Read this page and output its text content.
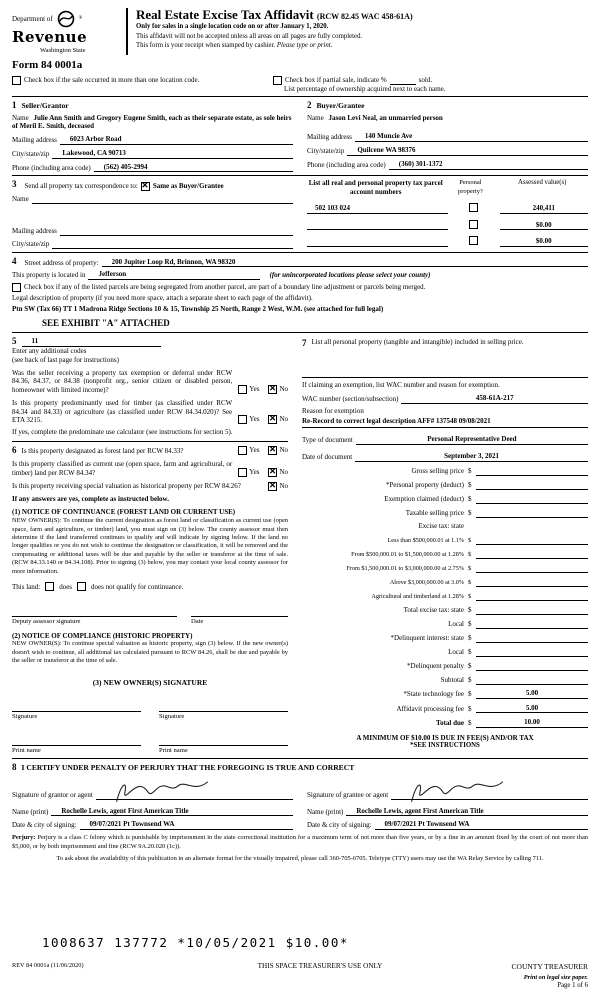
Department of	®
Revenue
Washington State
Real Estate Excise Tax Affidavit (RCW 82.45 WAC 458-61A)
Only for sales in a single location code on or after January 1, 2020.
This affidavit will not be accepted unless all areas on all pages are fully completed.
This form is your receipt when stamped by cashier. Please type or print.
Form 84 0001a
Check box if the sale occurred in more than one location code.	Check box if partial sale, indicate %	sold.
List percentage of ownership acquired next to each name.
1 Seller/Grantor
Name Julie Ann Smith and Gregory Eugene Smith, each as their separate estate, as sole heirs of Meril E. Smith, deceased
Mailing address	6023 Arbor Road
City/state/zip	Lakewood, CA 90713
Phone (including area code)	(562) 405-2994
2 Buyer/Grantee
Name Jason Levi Neal, an unmarried person
Mailing address	140 Muncie Ave
City/state/zip	Quilcene WA 98376
Phone (including area code)	(360) 301-1372
3 Send all property tax correspondence to: ✕ Same as Buyer/Grantee
Name
Mailing address
City/state/zip
List all real and personal property tax parcel account numbers
Personal property?
Assessed value(s)
502 103 024	240,411
$0.00
$0.00
4 Street address of property:	200 Jupiter Loop Rd, Brinnon, WA 98320
This property is located in	Jefferson	(for unincorporated locations please select your county)
Check box if any of the listed parcels are being segregated from another parcel, are part of a boundary line adjustment or parcels being merged.
Legal description of property (if you need more space, attach a separate sheet to each page of the affidavit).
Ptn SW (Tax 66) TT 1 Madrona Ridge Sections 10 & 15, Township 25 North, Range 2 West, W.M. (see attached for full legal)
SEE EXHIBIT "A" ATTACHED
5	11
Enter any additional codes
(see back of last page for instructions)
Was the seller receiving a property tax exemption or deferral under RCW 84.36, 84.37, or 84.38 (nonprofit org., senior citizen or disabled person, homeowner with limited income)?	Yes ✕	No
Is this property predominantly used for timber (as classified under RCW 84.34 and 84.33) or agriculture (as classified under RCW 84.34.020)? See ETA 3215.	Yes ✕	No
If yes, complete the predominate use calculator (see instructions for section 5).
6 Is this property designated as forest land per RCW 84.33?	Yes ✕	No
Is this property classified as current use (open space, farm and agricultural, or timber) land per RCW 84.34?	Yes ✕	No
Is this property receiving special valuation as historical property per RCW 84.26? ✕	No
If any answers are yes, complete as instructed below.
(1) NOTICE OF CONTINUANCE (FOREST LAND OR CURRENT USE)
NEW OWNER(S): To continue the current designation as forest land or classification as current use (open space, farm and agriculture, or timber) land, you must sign on (3) below. The county assessor must then determine if the land transferred continues to qualify and will indicate by signing below. If the land no longer qualifies or you do not wish to continue the designation or classification, it will be removed and the compensating or additional taxes will be due and payable by the seller or transferor at the time of sale. (RCW 84.33.140 or 84.34.108). Prior to signing (3) below, you may contact your local county assessor for more information.
This land:	does	does not qualify for continuance.
Deputy assessor signature	Date
(2) NOTICE OF COMPLIANCE (HISTORIC PROPERTY)
NEW OWNER(S): To continue special valuation as historic property, sign (3) below. If the new owner(s) doesn't wish to continue, all additional tax calculated pursuant to RCW 84.26, shall be due and payable by the seller or transferor at the time of sale.
(3) NEW OWNER(S) SIGNATURE
Signature	Signature
Print name	Print name
7 List all personal property (tangible and intangible) included in selling price.
If claiming an exemption, list WAC number and reason for exemption.
WAC number (section/subsection)	458-61A-217
Reason for exemption
Re-Record to correct legal description AFF# 137548 09/08/2021
Type of document	Personal Representative Deed
Date of document	September 3, 2021
Gross selling price $
*Personal property (deduct) $
Exemption claimed (deduct) $
Taxable selling price $
Excise tax: state
Less than $500,000.01 at 1.1% $
From $500,000.01 to $1,500,000.00 at 1.28% $
From $1,500,000.01 to $3,000,000.00 at 2.75% $
Above $3,000,000.00 at 3.0% $
Agricultural and timberland at 1.28% $
Total excise tax: state $
Local $
*Delinquent interest: state $
Local $
*Delinquent penalty $
Subtotal $
*State technology fee $	5.00
Affidavit processing fee $	5.00
Total due $	10.00
A MINIMUM OF $10.00 IS DUE IN FEE(S) AND/OR TAX
*SEE INSTRUCTIONS
8 I CERTIFY UNDER PENALTY OF PERJURY THAT THE FOREGOING IS TRUE AND CORRECT
Signature of grantor or agent
Name (print)	Rochelle Lewis, agent First American Title
Date & city of signing:	09/07/2021 Pt Townsend WA
Signature of grantee or agent
Name (print)	Rochelle Lewis, agent First American Title
Date & city of signing:	09/07/2021 Pt Townsend WA
Perjury: Perjury is a class C felony which is punishable by imprisonment in the state correctional institution for a maximum term of not more than five years, or by a fine in an amount fixed by the court of not more than $5,000, or by both imprisonment and fine (RCW 9A.20.020 (1c)).
To ask about the availability of this publication in an alternate format for the visually impaired, please call 360-705-6705. Teletype (TTY) users may use the WA Relay Service by calling 711.
1008637 137772 *10/05/2021 $10.00*
REV 84 0001a (11/06/2020)	THIS SPACE TREASURER'S USE ONLY	COUNTY TREASURER
Print on legal size paper.
Page 1 of 6
